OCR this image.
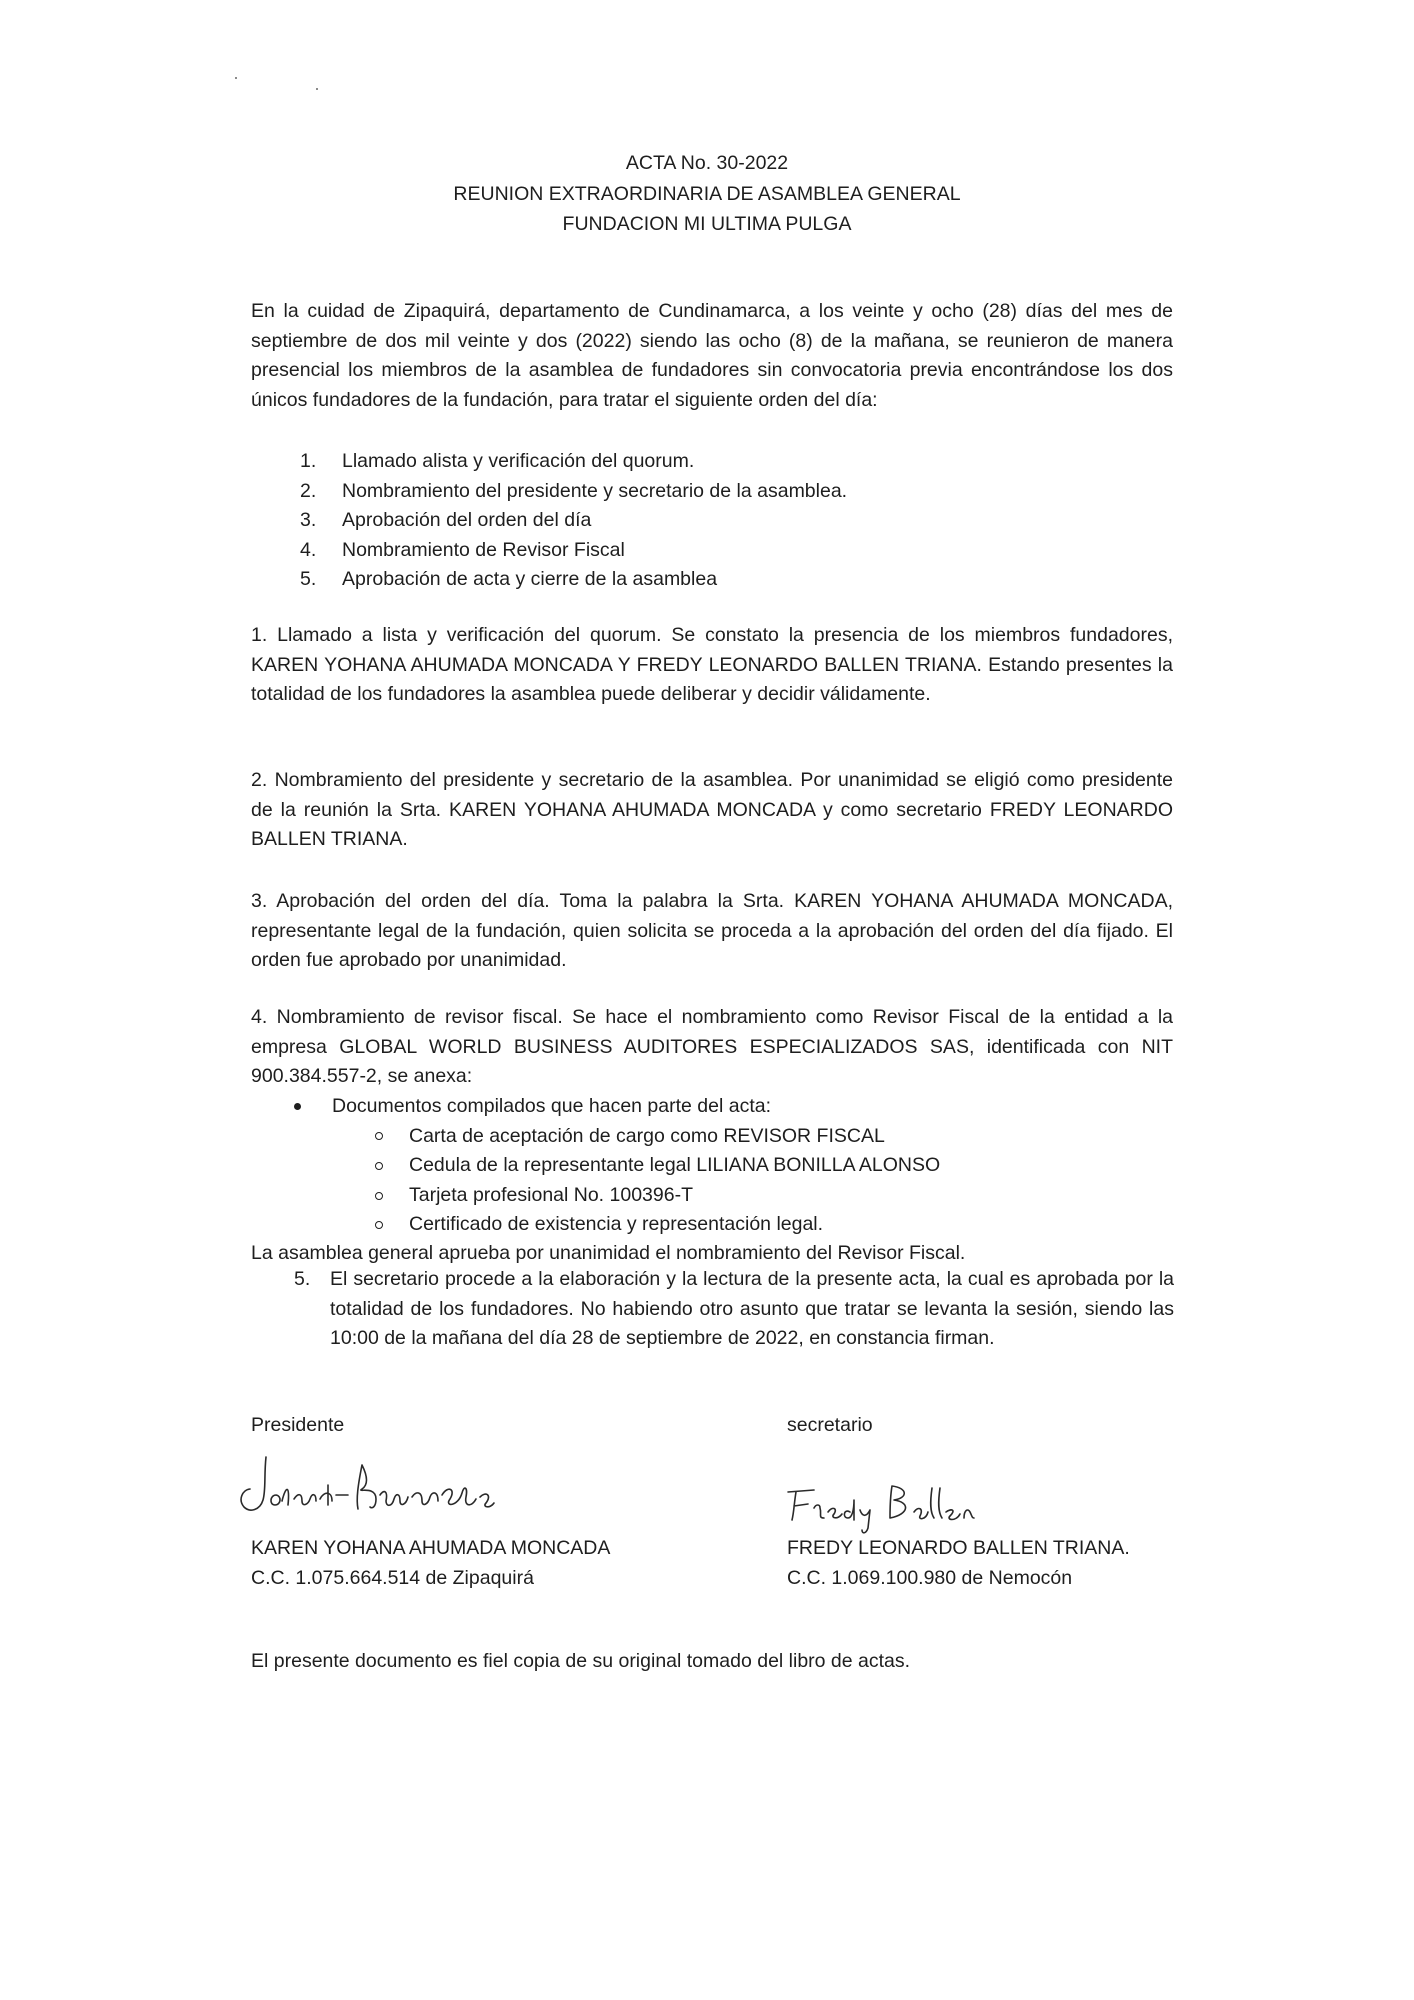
ACTA No. 30-2022
REUNION EXTRAORDINARIA DE ASAMBLEA GENERAL
FUNDACION MI ULTIMA PULGA

En la cuidad de Zipaquirá, departamento de Cundinamarca, a los veinte y ocho (28) días del mes de septiembre de dos mil veinte y dos (2022) siendo las ocho (8) de la mañana, se reunieron de manera presencial los miembros de la asamblea de fundadores sin convocatoria previa encontrándose los dos únicos fundadores de la fundación, para tratar el siguiente orden del día:

1.	Llamado alista y verificación del quorum.
2.	Nombramiento del presidente y secretario de la asamblea.
3.	Aprobación del orden del día
4.	Nombramiento de Revisor Fiscal
5.	Aprobación de acta y cierre de la asamblea

1. Llamado a lista y verificación del quorum. Se constato la presencia de los miembros fundadores, KAREN YOHANA AHUMADA MONCADA Y FREDY LEONARDO BALLEN TRIANA. Estando presentes la totalidad de los fundadores la asamblea puede deliberar y decidir válidamente.

2. Nombramiento del presidente y secretario de la asamblea. Por unanimidad se eligió como presidente de la reunión la Srta. KAREN YOHANA AHUMADA MONCADA y como secretario FREDY LEONARDO BALLEN TRIANA.

3. Aprobación del orden del día. Toma la palabra la Srta. KAREN YOHANA AHUMADA MONCADA, representante legal de la fundación, quien solicita se proceda a la aprobación del orden del día fijado. El orden fue aprobado por unanimidad.

4. Nombramiento de revisor fiscal. Se hace el nombramiento como Revisor Fiscal de la entidad a la empresa GLOBAL WORLD BUSINESS AUDITORES ESPECIALIZADOS SAS, identificada con NIT 900.384.557-2, se anexa:

Documentos compilados que hacen parte del acta:
Carta de aceptación de cargo como REVISOR FISCAL
Cedula de la representante legal LILIANA BONILLA ALONSO
Tarjeta profesional No. 100396-T
Certificado de existencia y representación legal.

La asamblea general aprueba por unanimidad el nombramiento del Revisor Fiscal.

5.	El secretario procede a la elaboración y la lectura de la presente acta, la cual es aprobada por la totalidad de los fundadores. No habiendo otro asunto que tratar se levanta la sesión, siendo las 10:00 de la mañana del día 28 de septiembre de 2022, en constancia firman.
Presidente	secretario
KAREN YOHANA AHUMADA MONCADA
C.C. 1.075.664.514 de Zipaquirá
FREDY LEONARDO BALLEN TRIANA.
C.C. 1.069.100.980 de Nemocón
El presente documento es fiel copia de su original tomado del libro de actas.
